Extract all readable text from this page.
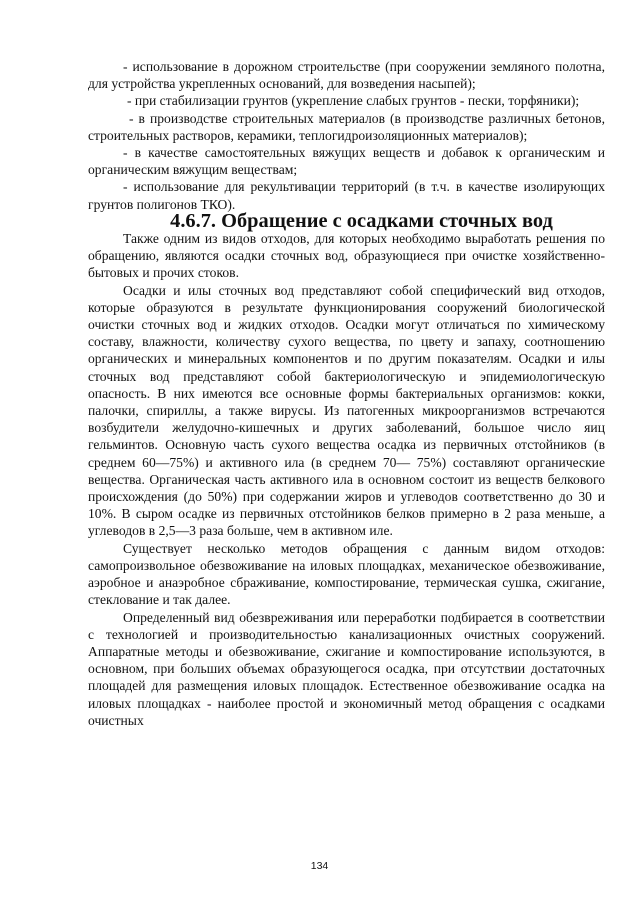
- использование в дорожном строительстве (при сооружении земляного полотна, для устройства укрепленных оснований, для возведения насыпей);

- при стабилизации грунтов (укрепление слабых грунтов - пески, торфяники);

- в производстве строительных материалов (в производстве различных бетонов, строительных растворов, керамики, теплогидроизоляционных материалов);

- в качестве самостоятельных вяжущих веществ и добавок к органическим и органическим вяжущим веществам;

- использование для рекультивации территорий (в т.ч. в качестве изолирующих грунтов полигонов ТКО).

4.6.7. Обращение с осадками сточных вод

Также одним из видов отходов, для которых необходимо выработать решения по обращению, являются осадки сточных вод, образующиеся при очистке хозяйственно-бытовых и прочих стоков.

Осадки и илы сточных вод представляют собой специфический вид отходов, которые образуются в результате функционирования сооружений биологической очистки сточных вод и жидких отходов. Осадки могут отличаться по химическому составу, влажности, количеству сухого вещества, по цвету и запаху, соотношению органических и минеральных компонентов и по другим показателям. Осадки и илы сточных вод представляют собой бактериологическую и эпидемиологическую опасность. В них имеются все основные формы бактериальных организмов: кокки, палочки, спириллы, а также вирусы. Из патогенных микроорганизмов встречаются возбудители желудочно-кишечных и других заболеваний, большое число яиц гельминтов. Основную часть сухого вещества осадка из первичных отстойников (в среднем 60—75%) и активного ила (в среднем 70— 75%) составляют органические вещества. Органическая часть активного ила в основном состоит из веществ белкового происхождения (до 50%) при содержании жиров и углеводов соответственно до 30 и 10%. В сыром осадке из первичных отстойников белков примерно в 2 раза меньше, а углеводов в 2,5—3 раза больше, чем в активном иле.

Существует несколько методов обращения с данным видом отходов: самопроизвольное обезвоживание на иловых площадках, механическое обезвоживание, аэробное и анаэробное сбраживание, компостирование, термическая сушка, сжигание, стеклование и так далее.

Определенный вид обезвреживания или переработки подбирается в соответствии с технологией и производительностью канализационных очистных сооружений. Аппаратные методы и обезвоживание, сжигание и компостирование используются, в основном, при больших объемах образующегося осадка, при отсутствии достаточных площадей для размещения иловых площадок. Естественное обезвоживание осадка на иловых площадках - наиболее простой и экономичный метод обращения с осадками очистных

134
